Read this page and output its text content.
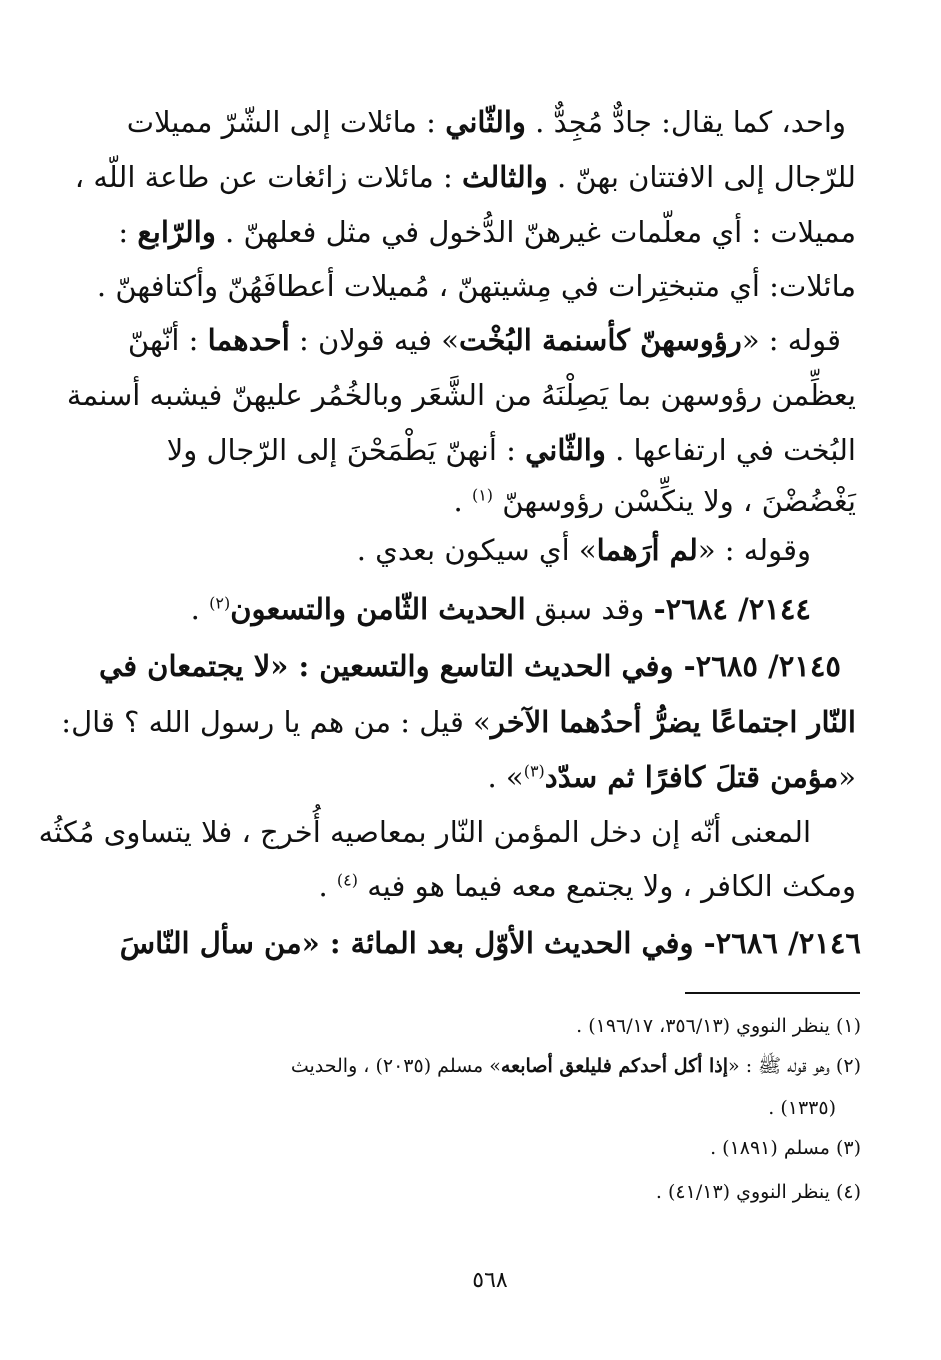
واحد، كما يقال: جادٌّ مُجِدٌّ . والثّاني : مائلات إلى الشّرّ مميلات
للرّجال إلى الافتتان بهنّ . والثالث : مائلات زائغات عن طاعة اللّه ،
مميلات : أي معلّمات غيرهنّ الدُّخول في مثل فعلهنّ . والرّابع :
مائلات: أي متبختِرات في مِشيتهنّ ، مُميلات أعطافَهُنّ وأكتافهنّ .
قوله : «رؤوسهنّ كأسنمة البُخْت» فيه قولان : أحدهما : أنّهنّ
يعظِّمن رؤوسهن بما يَصِلْنَهُ من الشَّعَر وبالخُمُر عليهنّ فيشبه أسنمة
البُخت في ارتفاعها . والثّاني : أنهنّ يَطْمَحْنَ إلى الرّجال ولا
يَغْضُضْنَ ، ولا ينكِّسْن رؤوسهنّ $^{(١)}$ .
وقوله : «لم أرَهما» أي سيكون بعدي .
٢١٤٤/ ٢٦٨٤- وقد سبق الحديث الثّامن والتسعون$^{(٢)}$ .
٢١٤٥/ ٢٦٨٥- وفي الحديث التاسع والتسعين : «لا يجتمعان في
النّار اجتماعًا يضرُّ أحدُهما الآخر» قيل : من هم يا رسول الله ؟ قال:
«مؤمن قتلَ كافرًا ثم سدّد$^{(٣)}$» .
المعنى أنّه إن دخل المؤمن النّار بمعاصيه أُخرج ، فلا يتساوى مُكثُه
ومكث الكافر ، ولا يجتمع معه فيما هو فيه $^{(٤)}$ .
٢١٤٦/ ٢٦٨٦- وفي الحديث الأوّل بعد المائة : «من سأل النّاسَ
(١) ينظر النووي (٣٥٦/١٣، ١٩٦/١٧) .
(٢) وهو قوله ﷺ : «إذا أكل أحدكم فليلعق أصابعه» مسلم (٢٠٣٥) ، والحديث
(١٣٣٥) .
(٣) مسلم (١٨٩١) .
(٤) ينظر النووي (٤١/١٣) .
٥٦٨
